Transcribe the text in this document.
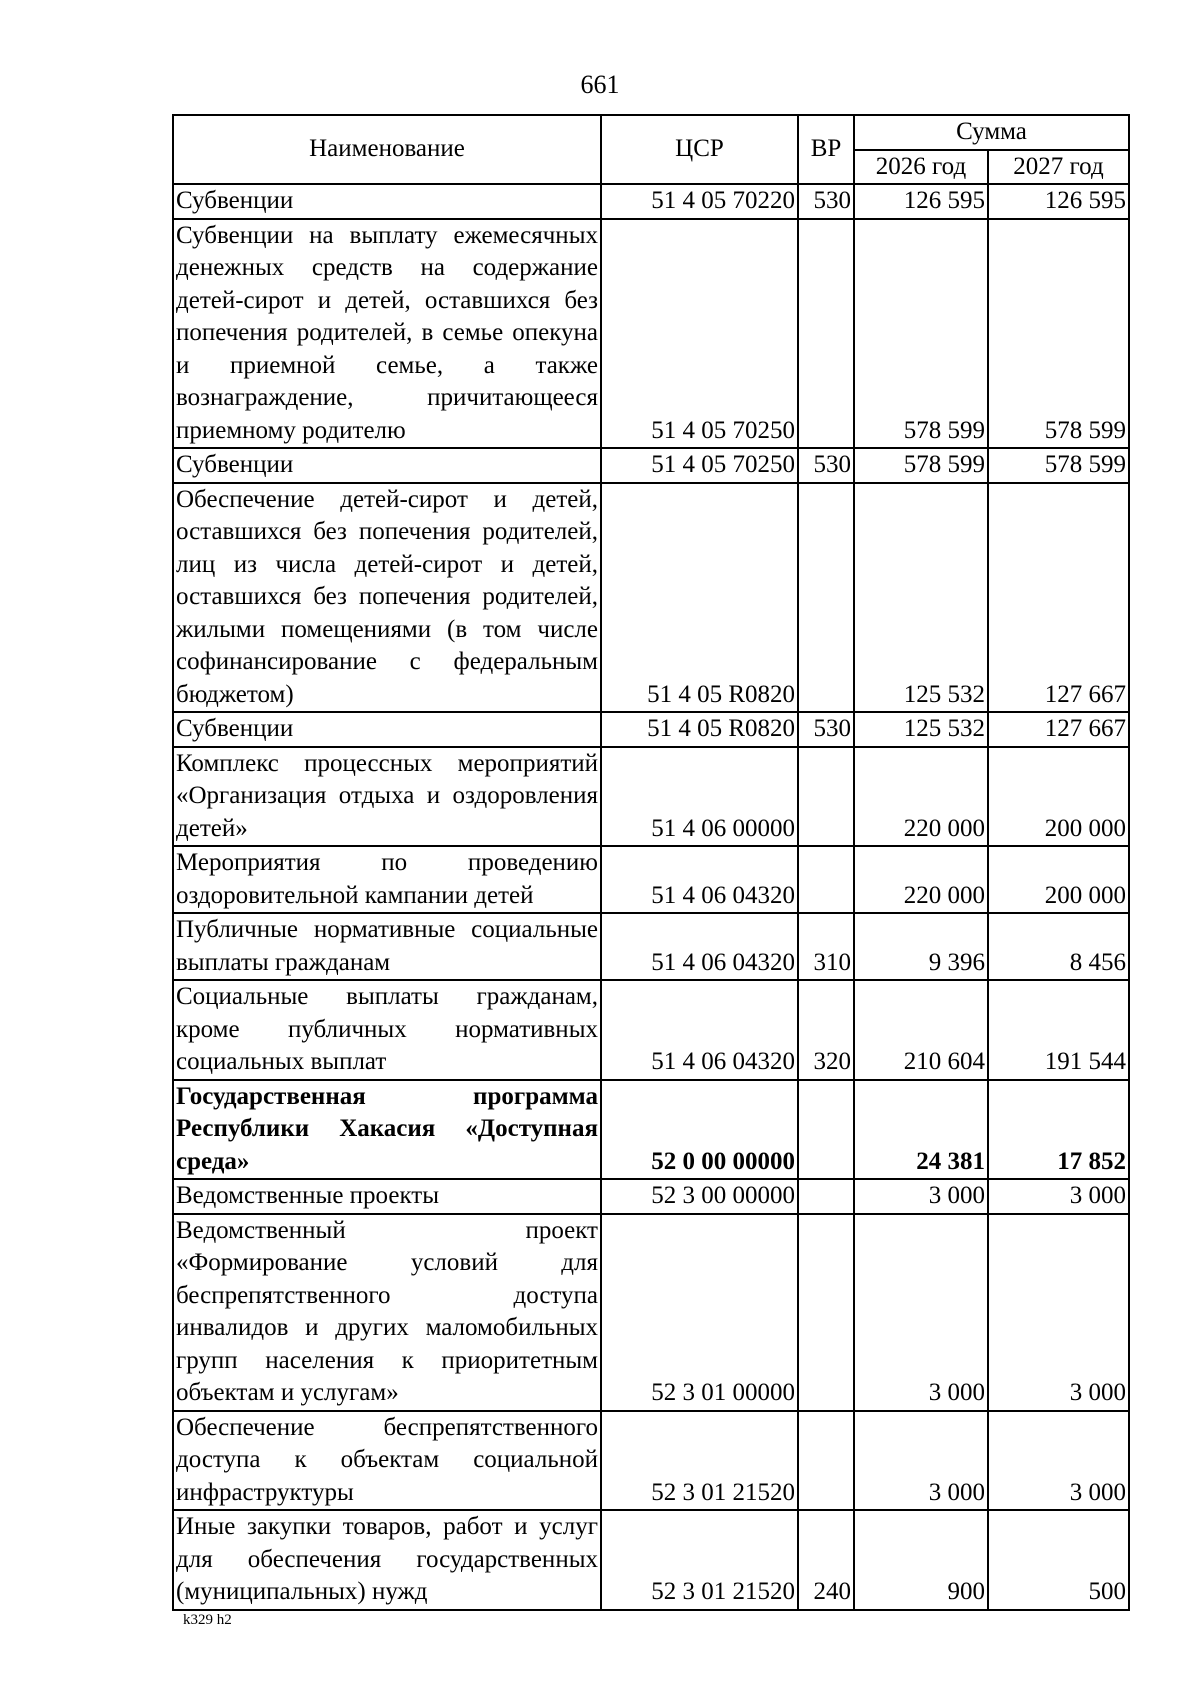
661
Наименование	ЦСР	ВР	Сумма	
			2026 год	2027 год
Субвенции	51 4 05 70220	530	126 595	126 595
Субвенции на выплату ежемесячных денежных средств на содержание детей-сирот и детей, оставшихся без попечения родителей, в семье опекуна и приемной семье, а также вознаграждение, причитающееся приемному родителю	51 4 05 70250		578 599	578 599
Субвенции	51 4 05 70250	530	578 599	578 599
Обеспечение детей-сирот и детей, оставшихся без попечения родителей, лиц из числа детей-сирот и детей, оставшихся без попечения родителей, жилыми помещениями (в том числе софинансирование с федеральным бюджетом)	51 4 05 R0820		125 532	127 667
Субвенции	51 4 05 R0820	530	125 532	127 667
Комплекс процессных мероприятий «Организация отдыха и оздоровления детей»	51 4 06 00000		220 000	200 000
Мероприятия по проведению оздоровительной кампании детей	51 4 06 04320		220 000	200 000
Публичные нормативные социальные выплаты гражданам	51 4 06 04320	310	9 396	8 456
Социальные выплаты гражданам, кроме публичных нормативных социальных выплат	51 4 06 04320	320	210 604	191 544
Государственная программа Республики Хакасия «Доступная среда»	52 0 00 00000		24 381	17 852
Ведомственные проекты	52 3 00 00000		3 000	3 000
Ведомственный проект «Формирование условий для беспрепятственного доступа инвалидов и других маломобильных групп населения к приоритетным объектам и услугам»	52 3 01 00000		3 000	3 000
Обеспечение беспрепятственного доступа к объектам социальной инфраструктуры	52 3 01 21520		3 000	3 000
Иные закупки товаров, работ и услуг для обеспечения государственных (муниципальных) нужд	52 3 01 21520	240	900	500
k329 h2
